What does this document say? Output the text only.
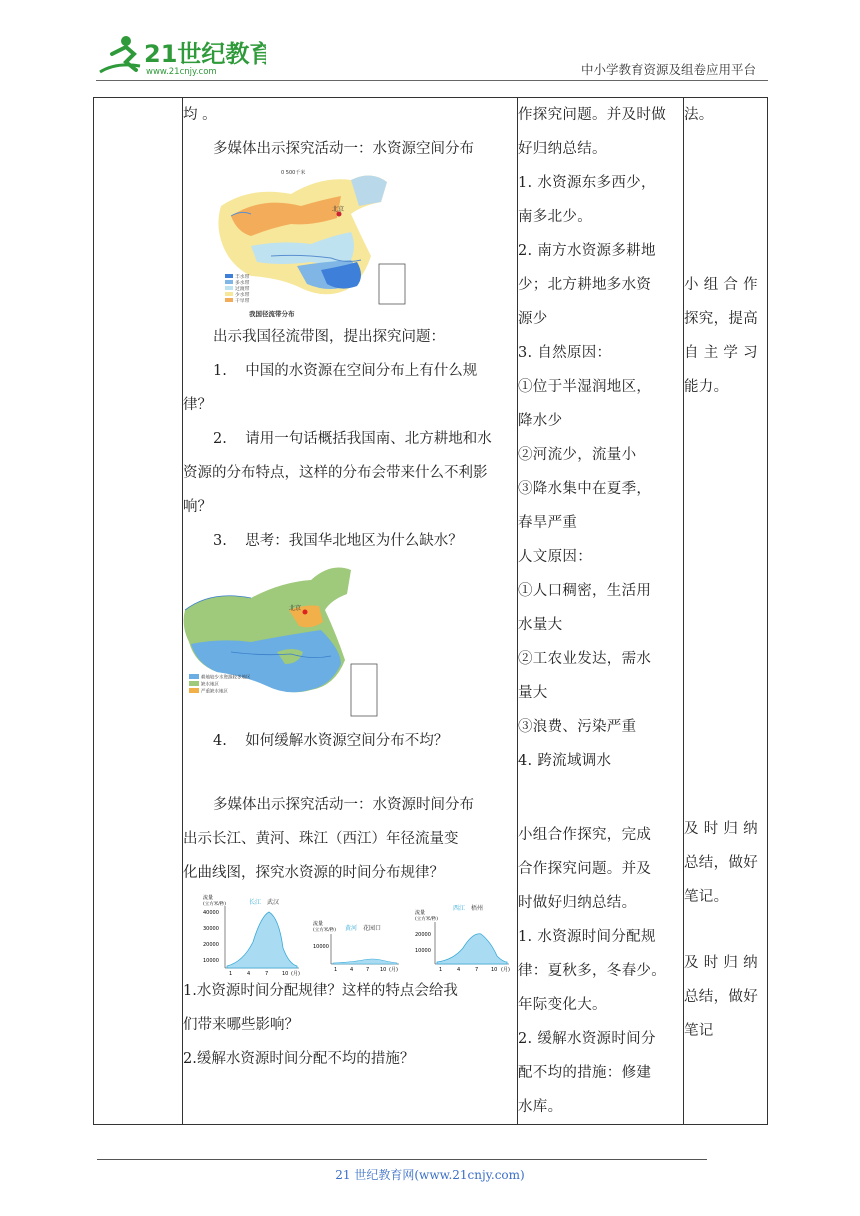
21世纪教育
www.21cnjy.com	中小学教育资源及组卷应用平台

均 。

多媒体出示探究活动一：水资源空间分布

北京
0 500千米
丰水带
多水带
过渡带
少水带
干旱带
我国径流带分布

出示我国径流带图，提出探究问题：

1. 中国的水资源在空间分布上有什么规

律？

2. 请用一句话概括我国南、北方耕地和水

资源的分布特点，这样的分布会带来什么不利影

响？

3. 思考：我国华北地区为什么缺水？

北京
耕地较少水资源较多地区
缺水地区
严重缺水地区

4. 如何缓解水资源空间分布不均？

多媒体出示探究活动一：水资源时间分布

出示长江、黄河、珠江（西江）年径流量变

化曲线图，探究水资源的时间分布规律？

流量
(立方米/秒)	长江 武汉
40000
30000
20000
10000
1	4	7	10 (月)
流量
(立方米/秒) 黄河 花园口
10000
1	4	7 10 (月)
流量
(立方米/秒)
西江 梧州
20000
10000
1	4	7	10 (月)

1.水资源时间分配规律？这样的特点会给我

们带来哪些影响？

2.缓解水资源时间分配不均的措施？

作探究问题。并及时做

好归纳总结。

1. 水资源东多西少，

南多北少。

2. 南方水资源多耕地

少；北方耕地多水资

源少

3. 自然原因：

①位于半湿润地区，

降水少

②河流少，流量小

③降水集中在夏季，

春旱严重

人文原因：

①人口稠密，生活用

水量大

②工农业发达，需水

量大

③浪费、污染严重

4. 跨流域调水

小组合作探究，完成

合作探究问题。并及

时做好归纳总结。

1. 水资源时间分配规

律：夏秋多，冬春少。

年际变化大。

2. 缓解水资源时间分

配不均的措施：修建

水库。

法。

小 组 合 作

探究，提高

自 主 学 习

能力。

及 时 归 纳

总结，做好

笔记。

及 时 归 纳

总结，做好

笔记

21 世纪教育网(www.21cnjy.com)
